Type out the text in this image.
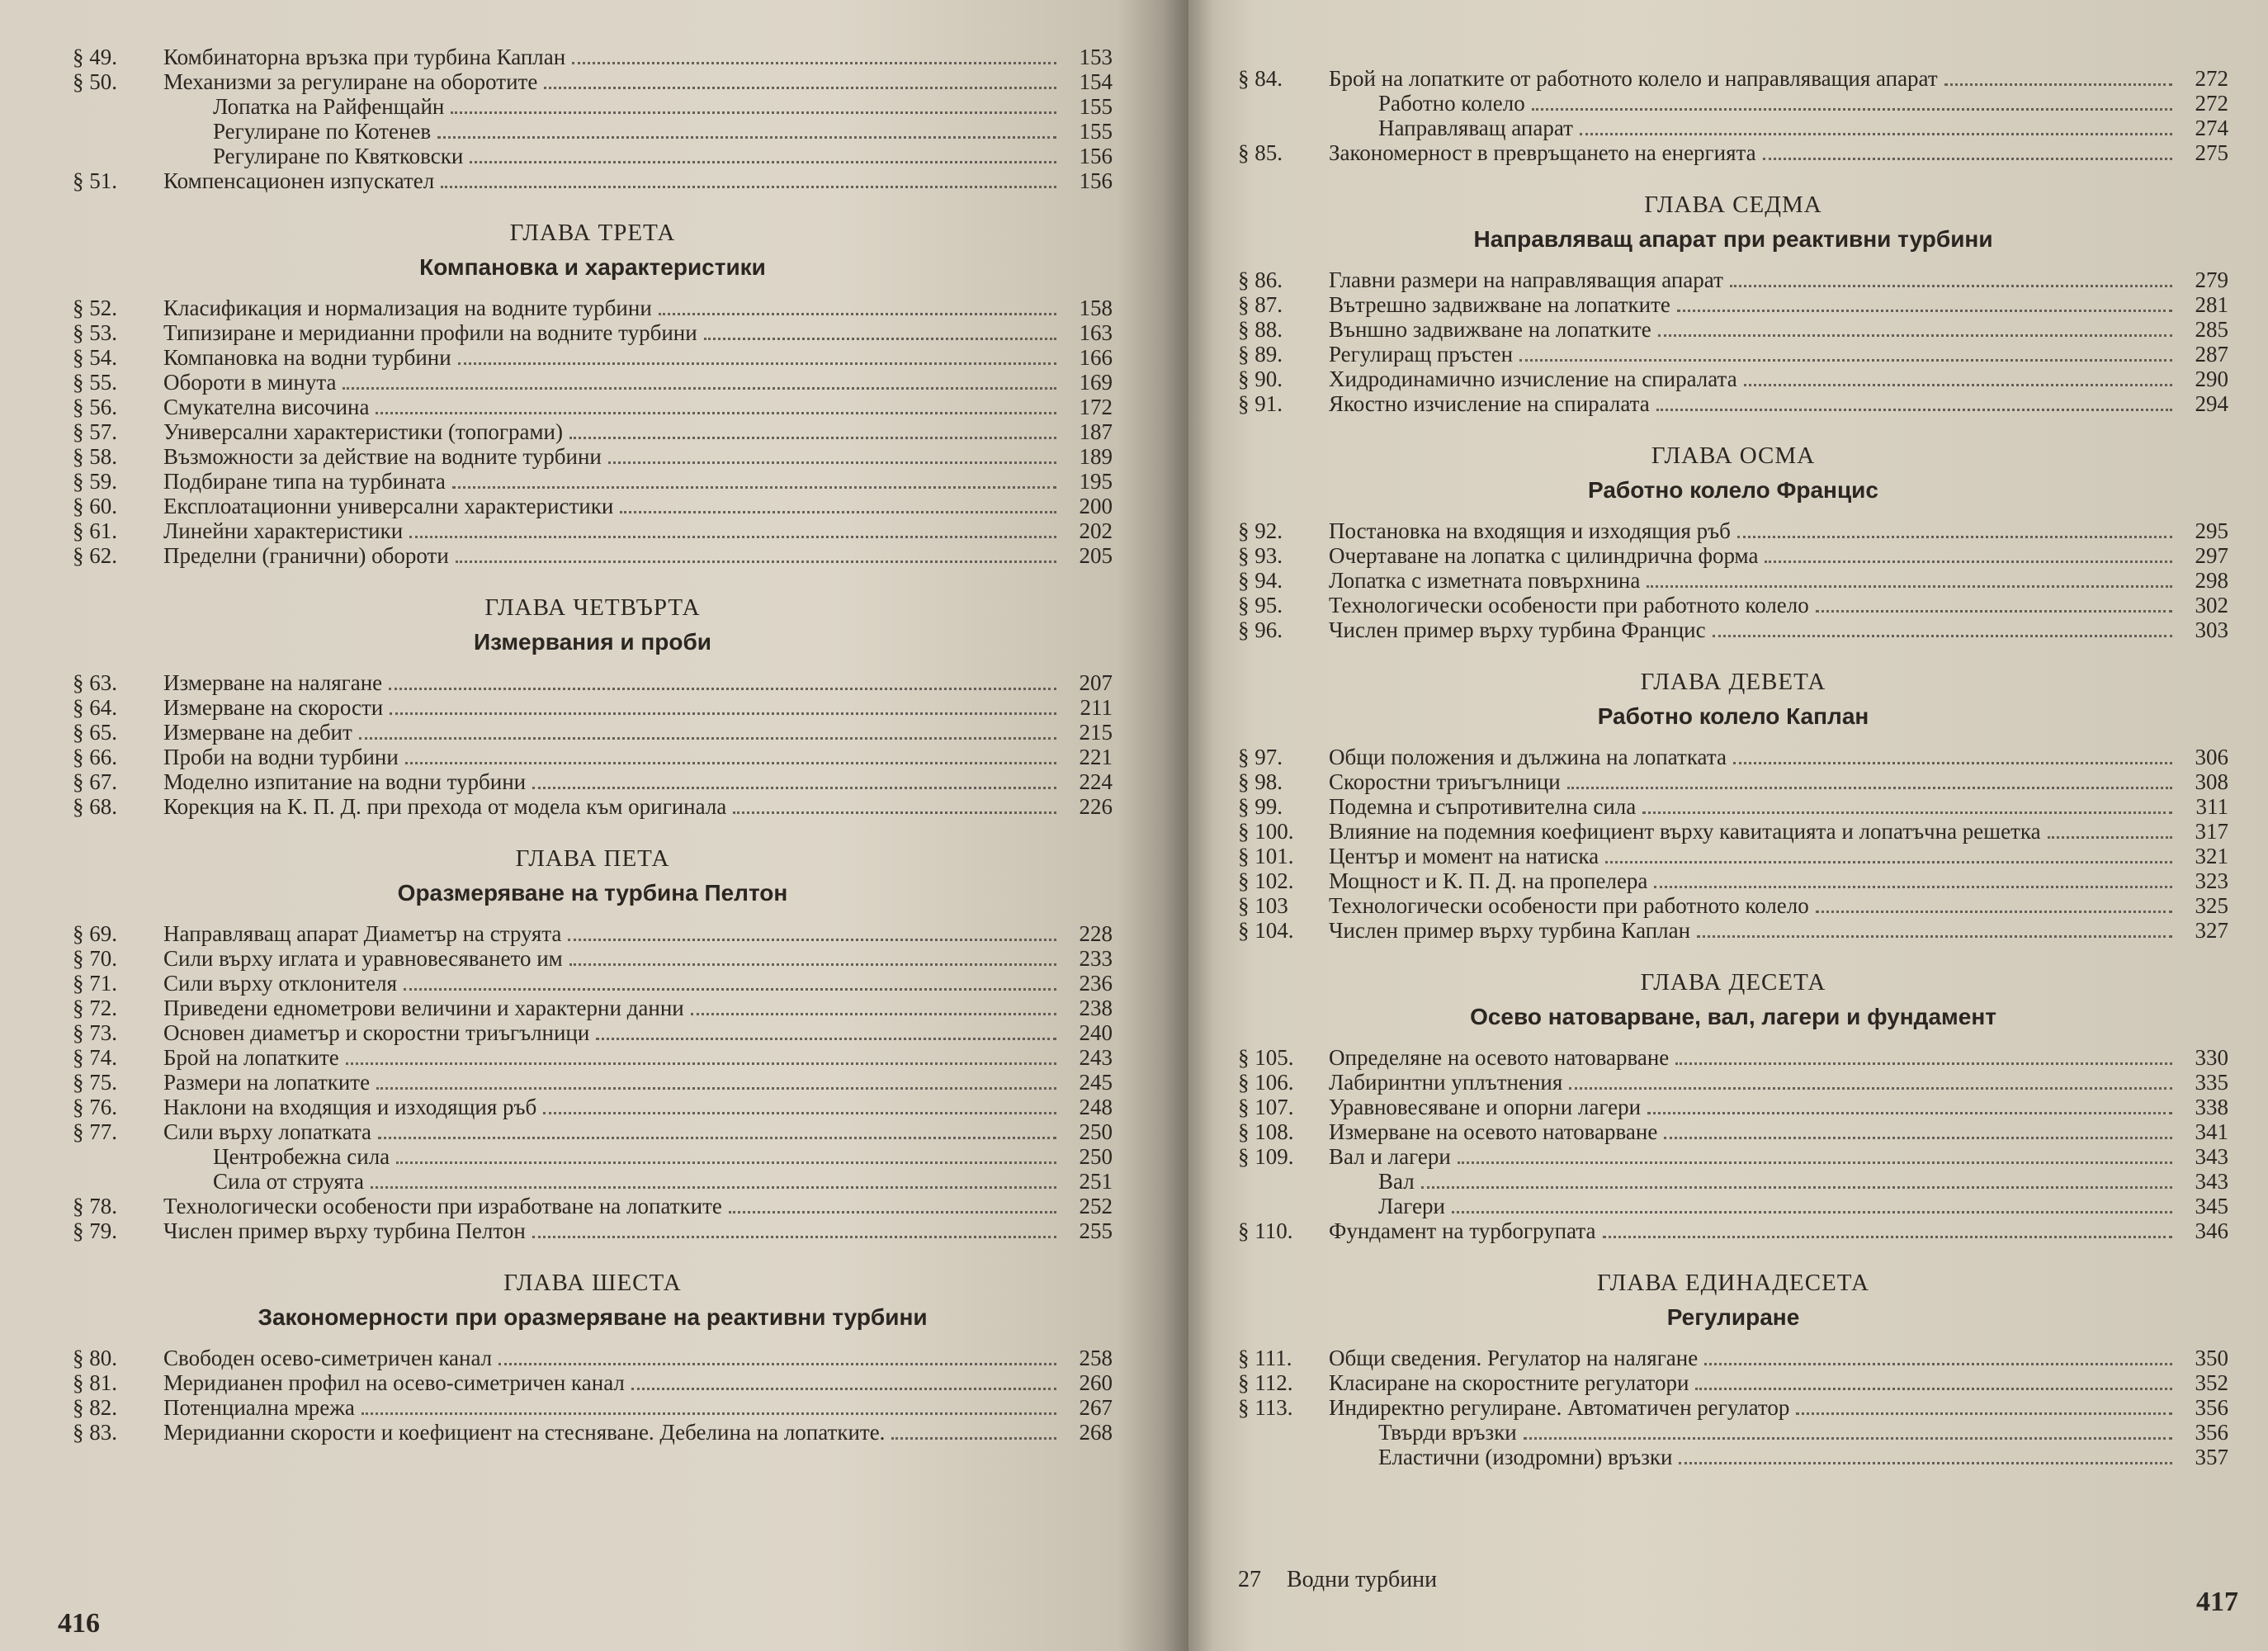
§ 49.	Комбинаторна връзка при турбина Каплан	153
§ 50.	Механизми за регулиране на оборотите	154
Лопатка на Райфенщайн	155
Регулиране по Котенев	155
Регулиране по Квятковски	156
§ 51.	Компенсационен изпускател	156
ГЛАВА ТРЕТА
Компановка и характеристики
§ 52.	Класификация и нормализация на водните турбини	158
§ 53.	Типизиране и меридианни профили на водните турбини	163
§ 54.	Компановка на водни турбини	166
§ 55.	Обороти в минута	169
§ 56.	Смукателна височина	172
§ 57.	Универсални характеристики (топограми)	187
§ 58.	Възможности за действие на водните турбини	189
§ 59.	Подбиране типа на турбината	195
§ 60.	Експлоатационни универсални характеристики	200
§ 61.	Линейни характеристики	202
§ 62.	Пределни (гранични) обороти	205
ГЛАВА ЧЕТВЪРТА
Измервания и проби
§ 63.	Измерване на налягане	207
§ 64.	Измерване на скорости	211
§ 65.	Измерване на дебит	215
§ 66.	Проби на водни турбини	221
§ 67.	Моделно изпитание на водни турбини	224
§ 68.	Корекция на К. П. Д. при прехода от модела към оригинала	226
ГЛАВА ПЕТА
Оразмеряване на турбина Пелтон
§ 69.	Направляващ апарат Диаметър на струята	228
§ 70.	Сили върху иглата и уравновесяването им	233
§ 71.	Сили върху отклонителя	236
§ 72.	Приведени еднометрови величини и характерни данни	238
§ 73.	Основен диаметър и скоростни триъгълници	240
§ 74.	Брой на лопатките	243
§ 75.	Размери на лопатките	245
§ 76.	Наклони на входящия и изходящия ръб	248
§ 77.	Сили върху лопатката	250
Центробежна сила	250
Сила от струята	251
§ 78.	Технологически особености при изработване на лопатките	252
§ 79.	Числен пример върху турбина Пелтон	255
ГЛАВА ШЕСТА
Закономерности при оразмеряване на реактивни турбини
§ 80.	Свободен осево-симетричен канал	258
§ 81.	Меридианен профил на осево-симетричен канал	260
§ 82.	Потенциална мрежа	267
§ 83.	Меридианни скорости и коефициент на стесняване. Дебелина на лопатките.	268
416
§ 84.	Брой на лопатките от работното колело и направляващия апарат	272
Работно колело	272
Направляващ апарат	274
§ 85.	Закономерност в превръщането на енергията	275
ГЛАВА СЕДМА
Направляващ апарат при реактивни турбини
§ 86.	Главни размери на направляващия апарат	279
§ 87.	Вътрешно задвижване на лопатките	281
§ 88.	Външно задвижване на лопатките	285
§ 89.	Регулиращ пръстен	287
§ 90.	Хидродинамично изчисление на спиралата	290
§ 91.	Якостно изчисление на спиралата	294
ГЛАВА ОСМА
Работно колело Францис
§ 92.	Постановка на входящия и изходящия ръб	295
§ 93.	Очертаване на лопатка с цилиндрична форма	297
§ 94.	Лопатка с изметната повърхнина	298
§ 95.	Технологически особености при работното колело	302
§ 96.	Числен пример върху турбина Францис	303
ГЛАВА ДЕВЕТА
Работно колело Каплан
§ 97.	Общи положения и дължина на лопатката	306
§ 98.	Скоростни триъгълници	308
§ 99.	Подемна и съпротивителна сила	311
§ 100.	Влияние на подемния коефициент върху кавитацията и лопатъчна решетка	317
§ 101.	Център и момент на натиска	321
§ 102.	Мощност и К. П. Д. на пропелера	323
§ 103	Технологически особености при работното колело	325
§ 104.	Числен пример върху турбина Каплан	327
ГЛАВА ДЕСЕТА
Осево натоварване, вал, лагери и фундамент
§ 105.	Определяне на осевото натоварване	330
§ 106.	Лабиринтни уплътнения	335
§ 107.	Уравновесяване и опорни лагери	338
§ 108.	Измерване на осевото натоварване	341
§ 109.	Вал и лагери	343
Вал	343
Лагери	345
§ 110.	Фундамент на турбогрупата	346
ГЛАВА ЕДИНАДЕСЕТА
Регулиране
§ 111.	Общи сведения. Регулатор на налягане	350
§ 112.	Класиране на скоростните регулатори	352
§ 113.	Индиректно регулиране. Автоматичен регулатор	356
Твърди връзки	356
Еластични (изодромни) връзки	357
27 Водни турбини
417
